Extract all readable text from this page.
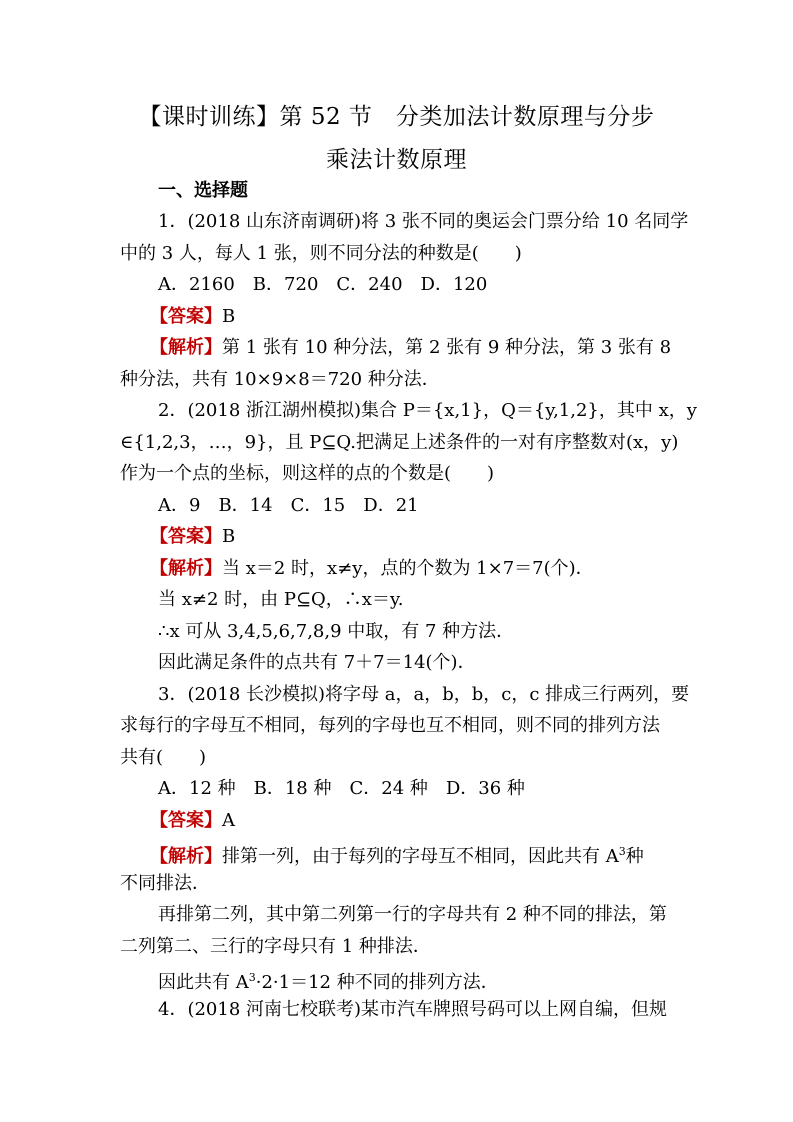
【课时训练】第 52 节　分类加法计数原理与分步
乘法计数原理
一、选择题
1．(2018 山东济南调研)将 3 张不同的奥运会门票分给 10 名同学
中的 3 人，每人 1 张，则不同分法的种数是(　　)
A．2160　B．720　C．240　D．120
【答案】B
【解析】第 1 张有 10 种分法，第 2 张有 9 种分法，第 3 张有 8
种分法，共有 10×9×8＝720 种分法．
2．(2018 浙江湖州模拟)集合 P＝{x,1}，Q＝{y,1,2}，其中 x，y
∈{1,2,3，…，9}，且 P⊆Q.把满足上述条件的一对有序整数对(x，y)
作为一个点的坐标，则这样的点的个数是(　　)
A．9　B．14　C．15　D．21
【答案】B
【解析】当 x＝2 时，x≠y，点的个数为 1×7＝7(个)．
当 x≠2 时，由 P⊆Q，∴x＝y.
∴x 可从 3,4,5,6,7,8,9 中取，有 7 种方法．
因此满足条件的点共有 7＋7＝14(个)．
3．(2018 长沙模拟)将字母 a，a，b，b，c，c 排成三行两列，要
求每行的字母互不相同，每列的字母也互不相同，则不同的排列方法
共有(　　)
A．12 种　B．18 种　C．24 种　D．36 种
【答案】A
【解析】排第一列，由于每列的字母互不相同，因此共有 $A^3$种
不同排法．
再排第二列，其中第二列第一行的字母共有 2 种不同的排法，第
二列第二、三行的字母只有 1 种排法．
因此共有 $A^3\cdot 2\cdot 1=12$ 种不同的排列方法．
4．(2018 河南七校联考)某市汽车牌照号码可以上网自编，但规
